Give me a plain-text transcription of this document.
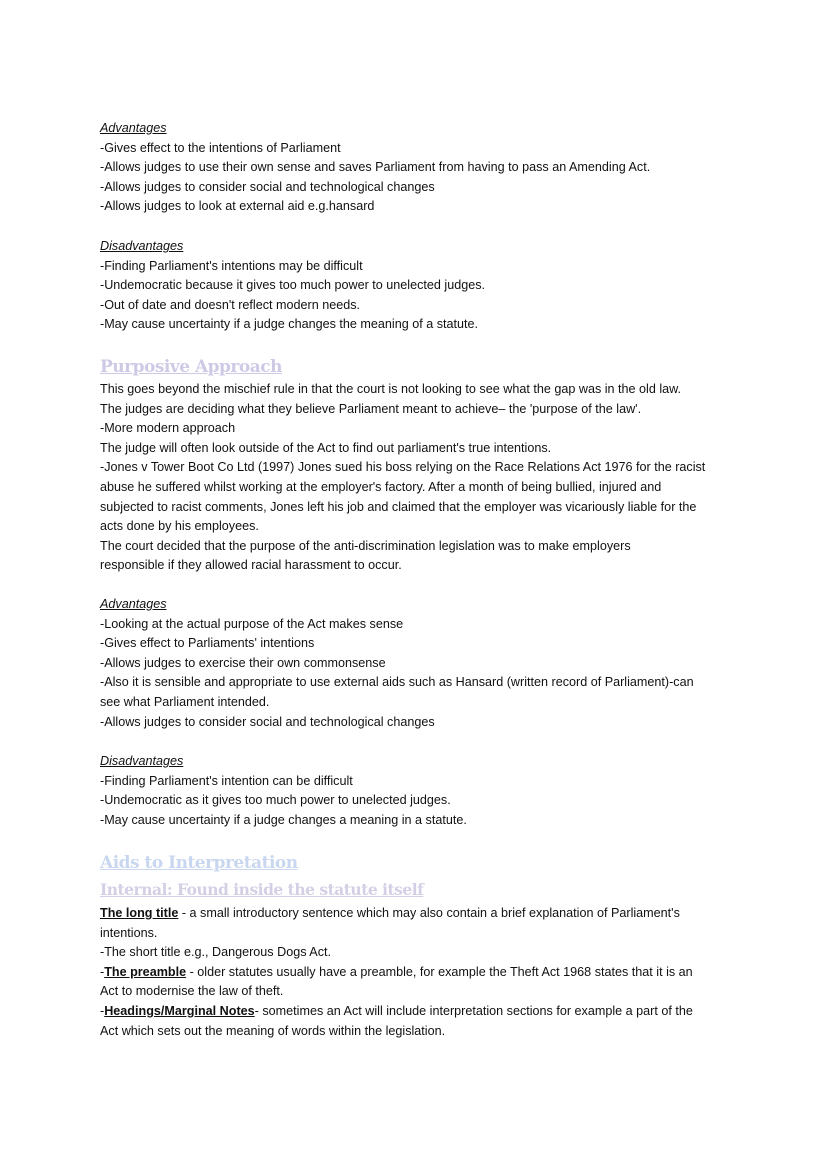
Advantages
-Gives effect to the intentions of Parliament
-Allows judges to use their own sense and saves Parliament from having to pass an Amending Act.
-Allows judges to consider social and technological changes
-Allows judges to look at external aid e.g.hansard
Disadvantages
-Finding Parliament's intentions may be difficult
-Undemocratic because it gives too much power to unelected judges.
-Out of date and doesn't reflect modern needs.
-May cause uncertainty if a judge changes the meaning of a statute.
Purposive Approach
This goes beyond the mischief rule in that the court is not looking to see what the gap was in the old law.
The judges are deciding what they believe Parliament meant to achieve– the 'purpose of the law'.
-More modern approach
The judge will often look outside of the Act to find out parliament's true intentions.
-Jones v Tower Boot Co Ltd (1997) Jones sued his boss relying on the Race Relations Act 1976 for the racist
abuse he suffered whilst working at the employer's factory. After a month of being bullied, injured and
subjected to racist comments, Jones left his job and claimed that the employer was vicariously liable for the
acts done by his employees.
The court decided that the purpose of the anti-discrimination legislation was to make employers
responsible if they allowed racial harassment to occur.
Advantages
-Looking at the actual purpose of the Act makes sense
-Gives effect to Parliaments' intentions
-Allows judges to exercise their own commonsense
-Also it is sensible and appropriate to use external aids such as Hansard (written record of Parliament)-can
see what Parliament intended.
-Allows judges to consider social and technological changes
Disadvantages
-Finding Parliament's intention can be difficult
-Undemocratic as it gives too much power to unelected judges.
-May cause uncertainty if a judge changes a meaning in a statute.
Aids to Interpretation
Internal: Found inside the statute itself
The long title - a small introductory sentence which may also contain a brief explanation of Parliament's
intentions.
-The short title e.g., Dangerous Dogs Act.
-The preamble - older statutes usually have a preamble, for example the Theft Act 1968 states that it is an
Act to modernise the law of theft.
-Headings/Marginal Notes- sometimes an Act will include interpretation sections for example a part of the
Act which sets out the meaning of words within the legislation.
